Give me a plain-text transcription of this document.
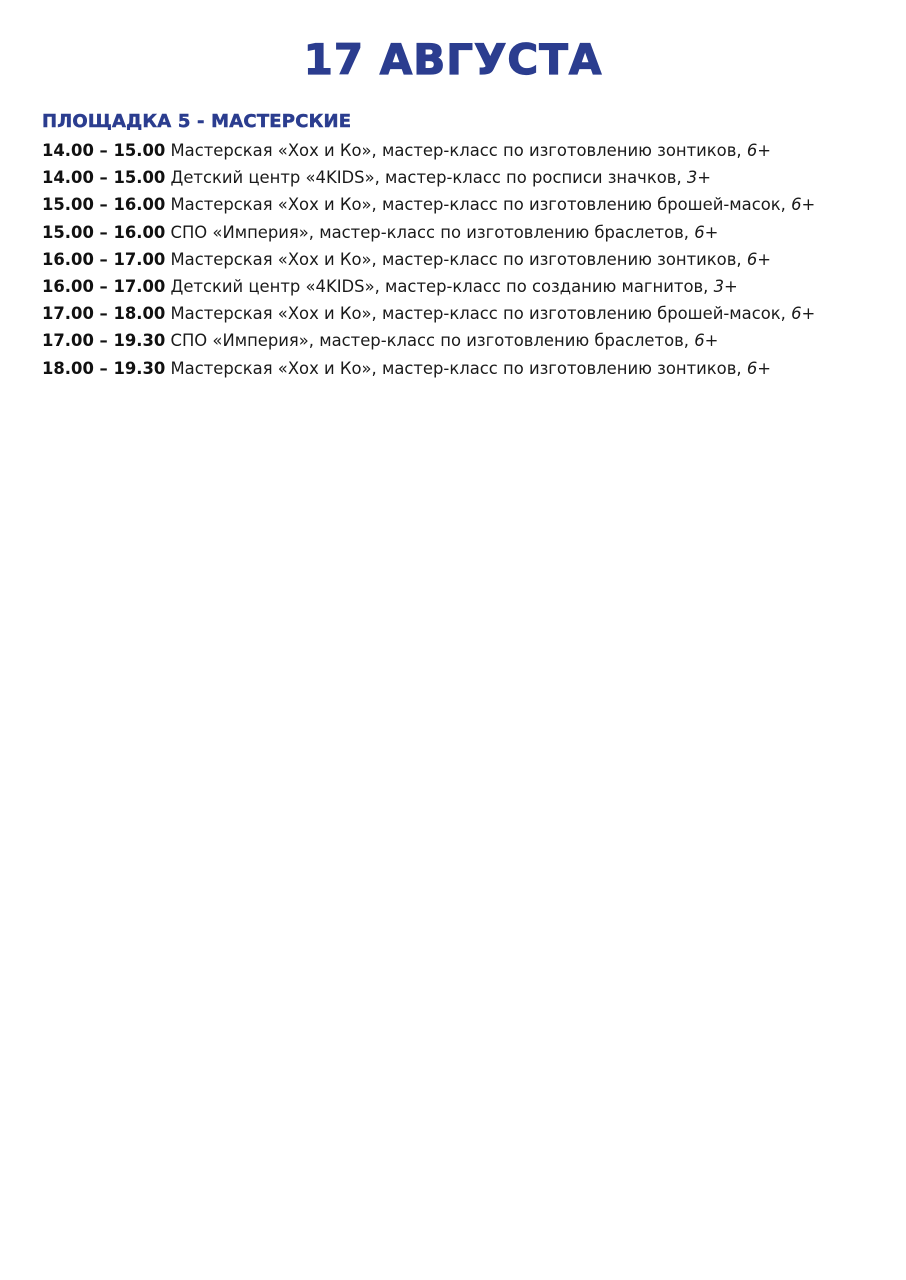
17 АВГУСТА
ПЛОЩАДКА 5 - МАСТЕРСКИЕ
14.00 – 15.00 Мастерская «Хох и Ко», мастер-класс по изготовлению зонтиков, 6+
14.00 – 15.00 Детский центр «4KIDS», мастер-класс по росписи значков, 3+
15.00 – 16.00 Мастерская «Хох и Ко», мастер-класс по изготовлению брошей-масок, 6+
15.00 – 16.00 СПО «Империя», мастер-класс по изготовлению браслетов, 6+
16.00 – 17.00 Мастерская «Хох и Ко», мастер-класс по изготовлению зонтиков, 6+
16.00 – 17.00 Детский центр «4KIDS», мастер-класс по созданию магнитов, 3+
17.00 – 18.00 Мастерская «Хох и Ко», мастер-класс по изготовлению брошей-масок, 6+
17.00 – 19.30 СПО «Империя», мастер-класс по изготовлению браслетов, 6+
18.00 – 19.30 Мастерская «Хох и Ко», мастер-класс по изготовлению зонтиков, 6+
